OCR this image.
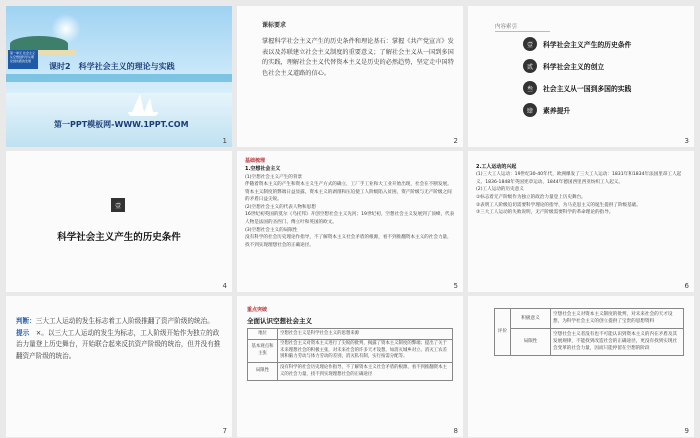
第一单元 社会主义从空想到科学从理论到实践的发展
课时2　科学社会主义的理论与实践
第一PPT模板网-WWW.1PPT.COM
1
课标要求
掌握科学社会主义产生的历史条件和理论基石：掌握《共产党宣言》发表以及苏联建立社会主义制度的重要意义；了解社会主义从一国到多国的实践，理解社会主义代替资本主义是历史的必然趋势，坚定走中国特色社会主义道路的信心。
2
内容索引
壹	科学社会主义产生的历史条件
贰	科学社会主义的创立
叁	社会主义从一国到多国的实践
肆	素养提升
3
壹
科学社会主义产生的历史条件
4
基础梳理
1.空想社会主义
(1)空想社会主义产生的背景
伴随着资本主义的产生和资本主义生产方式的确立，工厂手工业和大工业开始出现，社会在不断发展。资本主义制度的弊端日益显露，资本主义的剥削和压迫使工人阶级陷入贫困，资产阶级与无产阶级之间的矛盾日益尖锐。
(2)空想社会主义的代表人物和思想
16世纪初英国的莫尔《乌托邦》开创空想社会主义先河；19世纪初，空想社会主义发展到了顶峰，代表人物是法国的圣西门、傅立叶和英国的欧文。
(3)空想社会主义的局限性
没有科学的社会历史理论作指导，不了解资本主义社会矛盾的根源，看不到推翻资本主义的社会力量，找不到实现理想社会的正确途径。
5
2.工人运动的兴起
(1)三大工人运动：19世纪30-40年代，欧洲爆发了三大工人运动：1831年和1834年法国里昂工人起义、1836-1848年英国宪章运动、1844年德国西里西亚纺织工人起义。
(2)工人运动的历史意义
①标志着无产阶级作为独立的政治力量登上历史舞台。
②表明工人阶级迫切需要科学理论的指导，为马克思主义的诞生提供了阶级基础。
③三大工人运动的失败说明，无产阶级需要科学的革命理论的指导。
6
判断：三大工人运动的发生标志着工人阶级推翻了资产阶级的统治。
提示　 ×。以三大工人运动的发生为标志，工人阶级开始作为独立的政治力量登上历史舞台，开始联合起来反抗资产阶级的统治，但并没有推翻资产阶级的统治。
7
重点突破
全面认识空想社会主义
地位	空想社会主义是科学社会主义的思想来源
基本观点和主张	空想社会主义对资本主义进行了尖锐的批判，揭露了资本主义制度的弊端；提出了关于未来理想社会的积极主张，对未来社会的许多天才设想，如消灭城乡对立、消灭工农差别和脑力劳动与体力劳动的差别，消灭私有制，实行按需分配等。
局限性	没有科学的社会历史理论作指导，不了解资本主义社会矛盾的根源，看不到推翻资本主义的社会力量，找不到实现理想社会的正确途径
8
评价	积极意义	空想社会主义对资本主义制度的批判，对未来社会的天才设想，为科学社会主义的创立提供了宝贵的思想资料
	局限性	空想社会主义者没有也不可能认识到资本主义的内在矛盾及其发展规律，不能找到改造社会的正确途径，更没有找到实现社会变革的社会力量，因而只能停留在空想的阶段
9
